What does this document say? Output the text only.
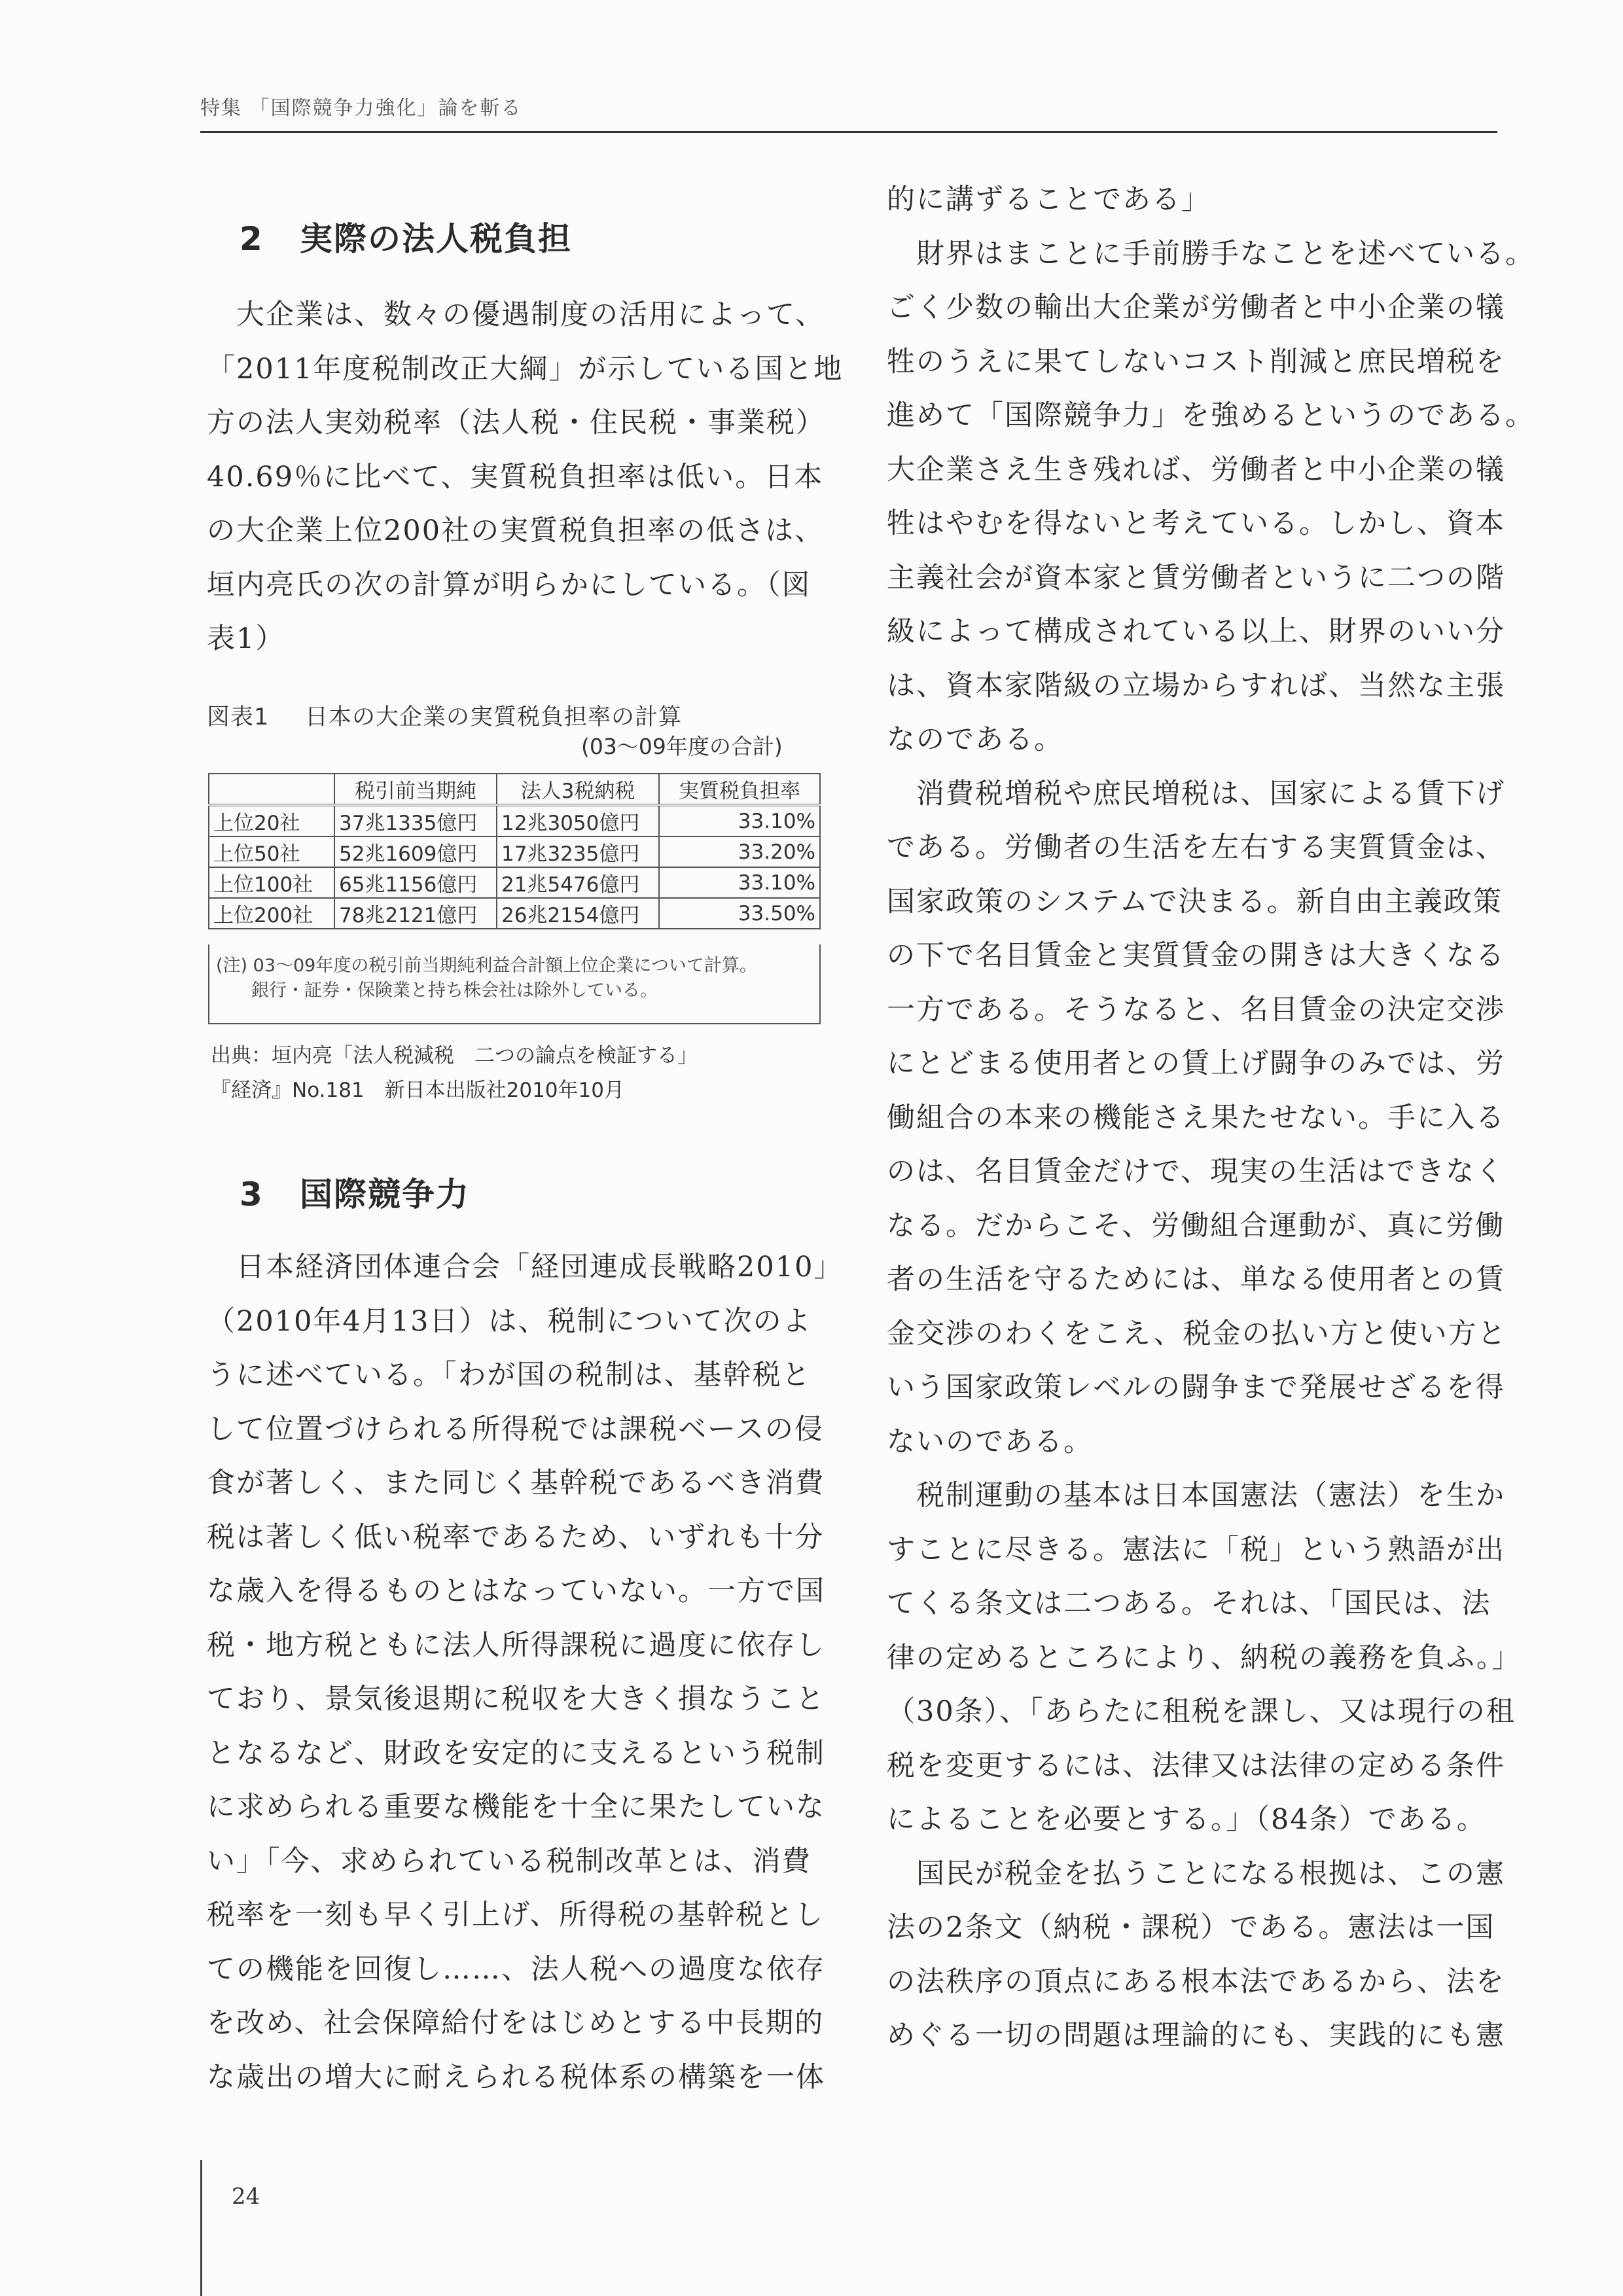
特集 「国際競争力強化」論を斬る
2 実際の法人税負担
　大企業は、数々の優遇制度の活用によって、
「2011年度税制改正大綱」が示している国と地
方の法人実効税率（法人税・住民税・事業税）
40.69％に比べて、実質税負担率は低い。日本
の大企業上位200社の実質税負担率の低さは、
垣内亮氏の次の計算が明らかにしている。（図
表1）
図表1 日本の大企業の実質税負担率の計算
(03〜09年度の合計)
	税引前当期純	法人3税納税	実質税負担率
上位20社	37兆1335億円	12兆3050億円	33.10%
上位50社	52兆1609億円	17兆3235億円	33.20%
上位100社	65兆1156億円	21兆5476億円	33.10%
上位200社	78兆2121億円	26兆2154億円	33.50%
(注) 03〜09年度の税引前当期純利益合計額上位企業について計算。
　　銀行・証券・保険業と持ち株会社は除外している。
出典：垣内亮「法人税減税　二つの論点を検証する」
『経済』No.181　新日本出版社2010年10月
3 国際競争力
　日本経済団体連合会「経団連成長戦略2010」
（2010年4月13日）は、税制について次のよ
うに述べている。「わが国の税制は、基幹税と
して位置づけられる所得税では課税ベースの侵
食が著しく、また同じく基幹税であるべき消費
税は著しく低い税率であるため、いずれも十分
な歳入を得るものとはなっていない。一方で国
税・地方税ともに法人所得課税に過度に依存し
ており、景気後退期に税収を大きく損なうこと
となるなど、財政を安定的に支えるという税制
に求められる重要な機能を十全に果たしていな
い」「今、求められている税制改革とは、消費
税率を一刻も早く引上げ、所得税の基幹税とし
ての機能を回復し……、法人税への過度な依存
を改め、社会保障給付をはじめとする中長期的
な歳出の増大に耐えられる税体系の構築を一体
的に講ずることである」
　財界はまことに手前勝手なことを述べている。
ごく少数の輸出大企業が労働者と中小企業の犠
牲のうえに果てしないコスト削減と庶民増税を
進めて「国際競争力」を強めるというのである。
大企業さえ生き残れば、労働者と中小企業の犠
牲はやむを得ないと考えている。しかし、資本
主義社会が資本家と賃労働者というに二つの階
級によって構成されている以上、財界のいい分
は、資本家階級の立場からすれば、当然な主張
なのである。
　消費税増税や庶民増税は、国家による賃下げ
である。労働者の生活を左右する実質賃金は、
国家政策のシステムで決まる。新自由主義政策
の下で名目賃金と実質賃金の開きは大きくなる
一方である。そうなると、名目賃金の決定交渉
にとどまる使用者との賃上げ闘争のみでは、労
働組合の本来の機能さえ果たせない。手に入る
のは、名目賃金だけで、現実の生活はできなく
なる。だからこそ、労働組合運動が、真に労働
者の生活を守るためには、単なる使用者との賃
金交渉のわくをこえ、税金の払い方と使い方と
いう国家政策レベルの闘争まで発展せざるを得
ないのである。
　税制運動の基本は日本国憲法（憲法）を生か
すことに尽きる。憲法に「税」という熟語が出
てくる条文は二つある。それは、「国民は、法
律の定めるところにより、納税の義務を負ふ。」
（30条）、「あらたに租税を課し、又は現行の租
税を変更するには、法律又は法律の定める条件
によることを必要とする。」（84条）である。
　国民が税金を払うことになる根拠は、この憲
法の2条文（納税・課税）である。憲法は一国
の法秩序の頂点にある根本法であるから、法を
めぐる一切の問題は理論的にも、実践的にも憲
24
